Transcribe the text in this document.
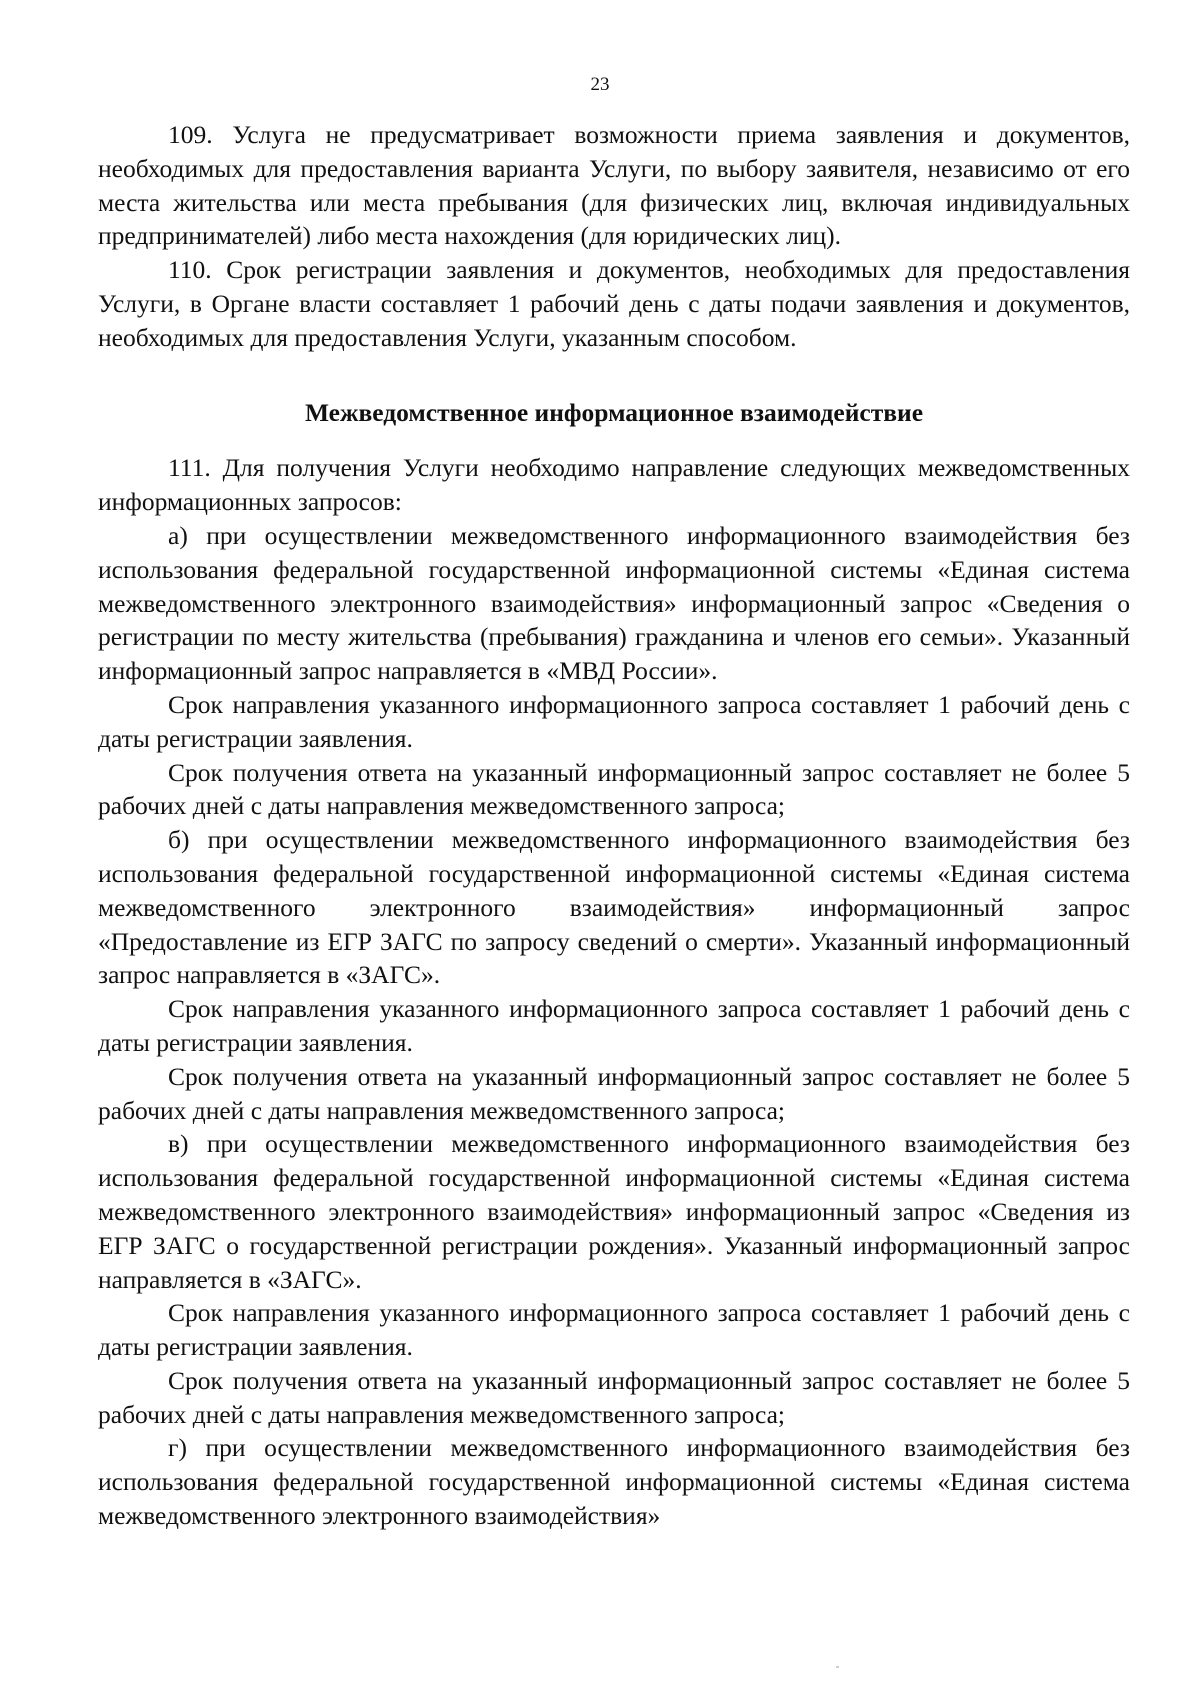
23

109. Услуга не предусматривает возможности приема заявления и документов, необходимых для предоставления варианта Услуги, по выбору заявителя, независимо от его места жительства или места пребывания (для физических лиц, включая индивидуальных предпринимателей) либо места нахождения (для юридических лиц).

110. Срок регистрации заявления и документов, необходимых для предоставления Услуги, в Органе власти составляет 1 рабочий день с даты подачи заявления и документов, необходимых для предоставления Услуги, указанным способом.

Межведомственное информационное взаимодействие

111. Для получения Услуги необходимо направление следующих межведомственных информационных запросов:

а) при осуществлении межведомственного информационного взаимодействия без использования федеральной государственной информационной системы «Единая система межведомственного электронного взаимодействия» информационный запрос «Сведения о регистрации по месту жительства (пребывания) гражданина и членов его семьи». Указанный информационный запрос направляется в «МВД России».

Срок направления указанного информационного запроса составляет 1 рабочий день с даты регистрации заявления.

Срок получения ответа на указанный информационный запрос составляет не более 5 рабочих дней с даты направления межведомственного запроса;

б) при осуществлении межведомственного информационного взаимодействия без использования федеральной государственной информационной системы «Единая система межведомственного электронного взаимодействия» информационный запрос «Предоставление из ЕГР ЗАГС по запросу сведений о смерти». Указанный информационный запрос направляется в «ЗАГС».

Срок направления указанного информационного запроса составляет 1 рабочий день с даты регистрации заявления.

Срок получения ответа на указанный информационный запрос составляет не более 5 рабочих дней с даты направления межведомственного запроса;

в) при осуществлении межведомственного информационного взаимодействия без использования федеральной государственной информационной системы «Единая система межведомственного электронного взаимодействия» информационный запрос «Сведения из ЕГР ЗАГС о государственной регистрации рождения». Указанный информационный запрос направляется в «ЗАГС».

Срок направления указанного информационного запроса составляет 1 рабочий день с даты регистрации заявления.

Срок получения ответа на указанный информационный запрос составляет не более 5 рабочих дней с даты направления межведомственного запроса;

г) при осуществлении межведомственного информационного взаимодействия без использования федеральной государственной информационной системы «Единая система межведомственного электронного взаимодействия»
